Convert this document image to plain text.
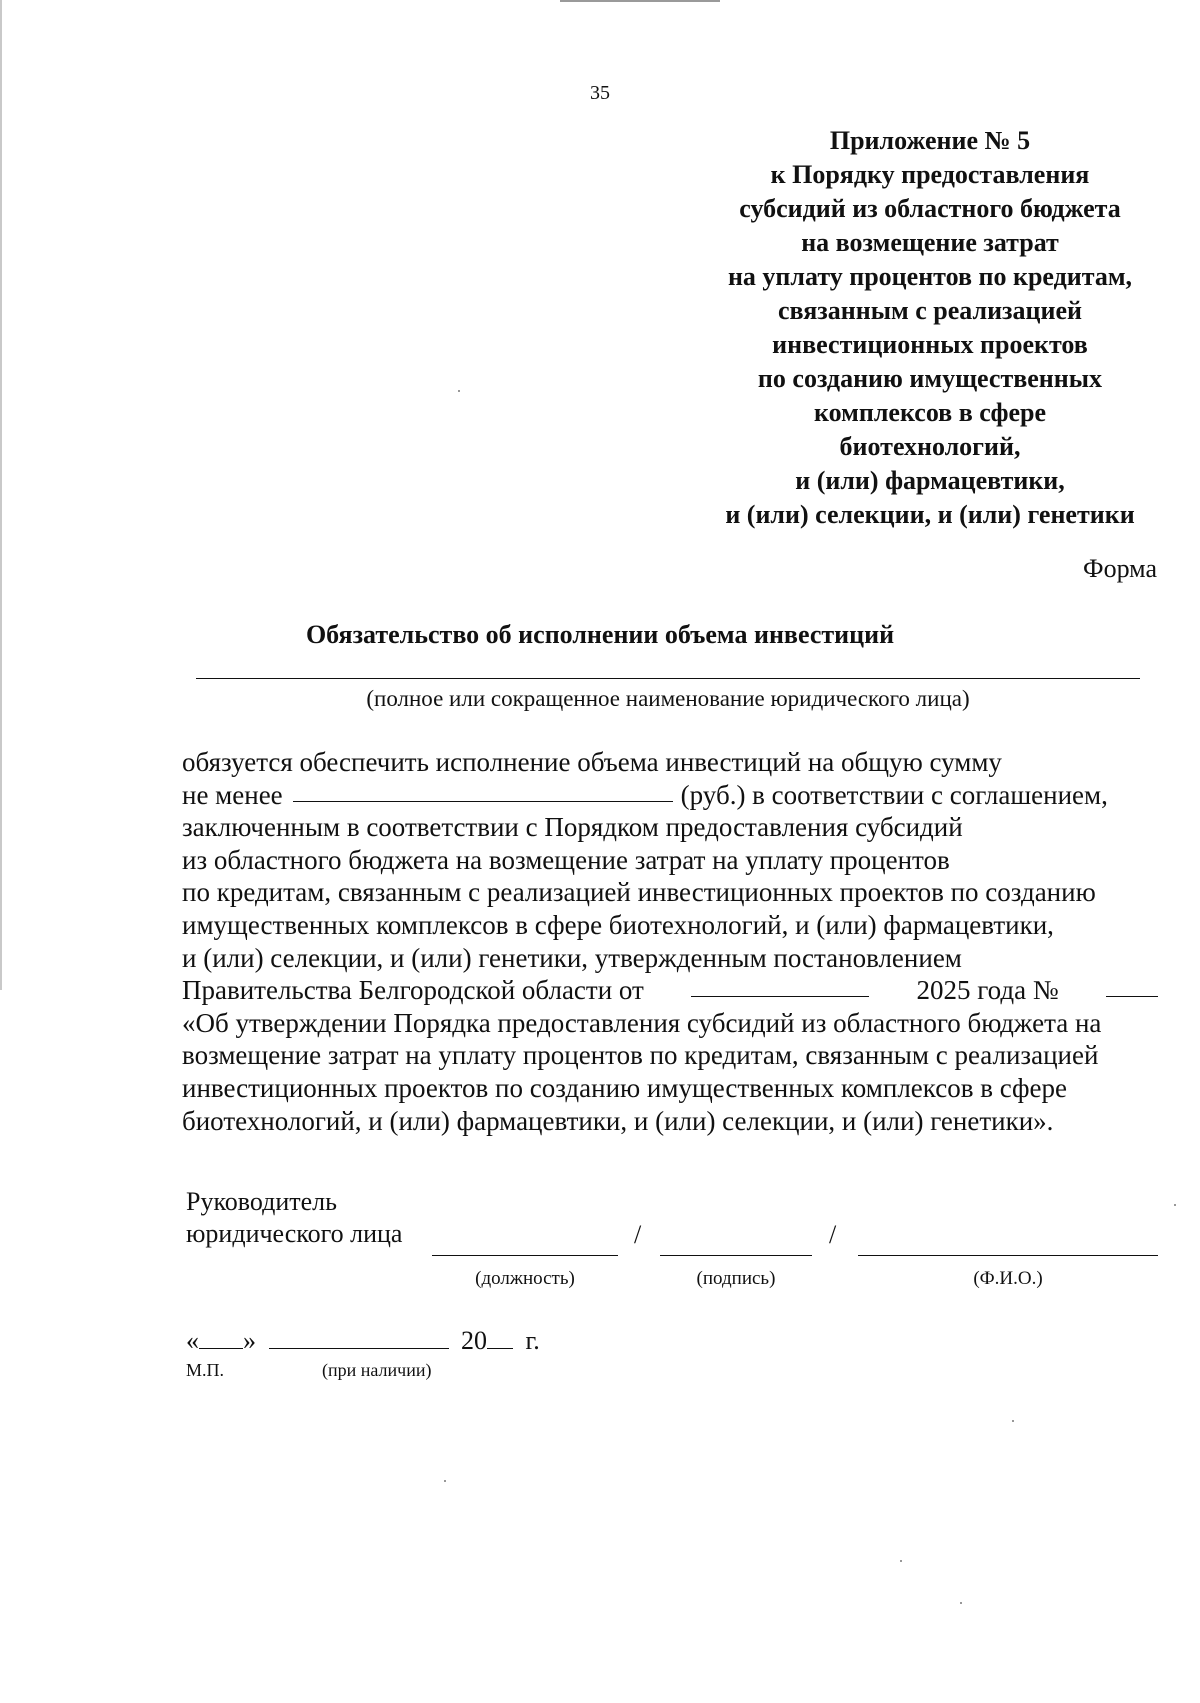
35
Приложение № 5
к Порядку предоставления
субсидий из областного бюджета
на возмещение затрат
на уплату процентов по кредитам,
связанным с реализацией
инвестиционных проектов
по созданию имущественных
комплексов в сфере
биотехнологий,
и (или) фармацевтики,
и (или) селекции, и (или) генетики
Форма
Обязательство об исполнении объема инвестиций
(полное или сокращенное наименование юридического лица)
обязуется обеспечить исполнение объема инвестиций на общую сумму
не менее	(руб.) в соответствии с соглашением,
заключенным в соответствии с Порядком предоставления субсидий
из областного бюджета на возмещение затрат на уплату процентов
по кредитам, связанным с реализацией инвестиционных проектов по созданию
имущественных комплексов в сфере биотехнологий, и (или) фармацевтики,
и (или) селекции, и (или) генетики, утвержденным постановлением
Правительства Белгородской области от	2025 года №
«Об утверждении Порядка предоставления субсидий из областного бюджета на
возмещение затрат на уплату процентов по кредитам, связанным с реализацией
инвестиционных проектов по созданию имущественных комплексов в сфере
биотехнологий, и (или) фармацевтики, и (или) селекции, и (или) генетики».
Руководитель
юридического лица	/	/
(должность)	(подпись)	(Ф.И.О.)
« »	20 г.
М.П.	(при наличии)
